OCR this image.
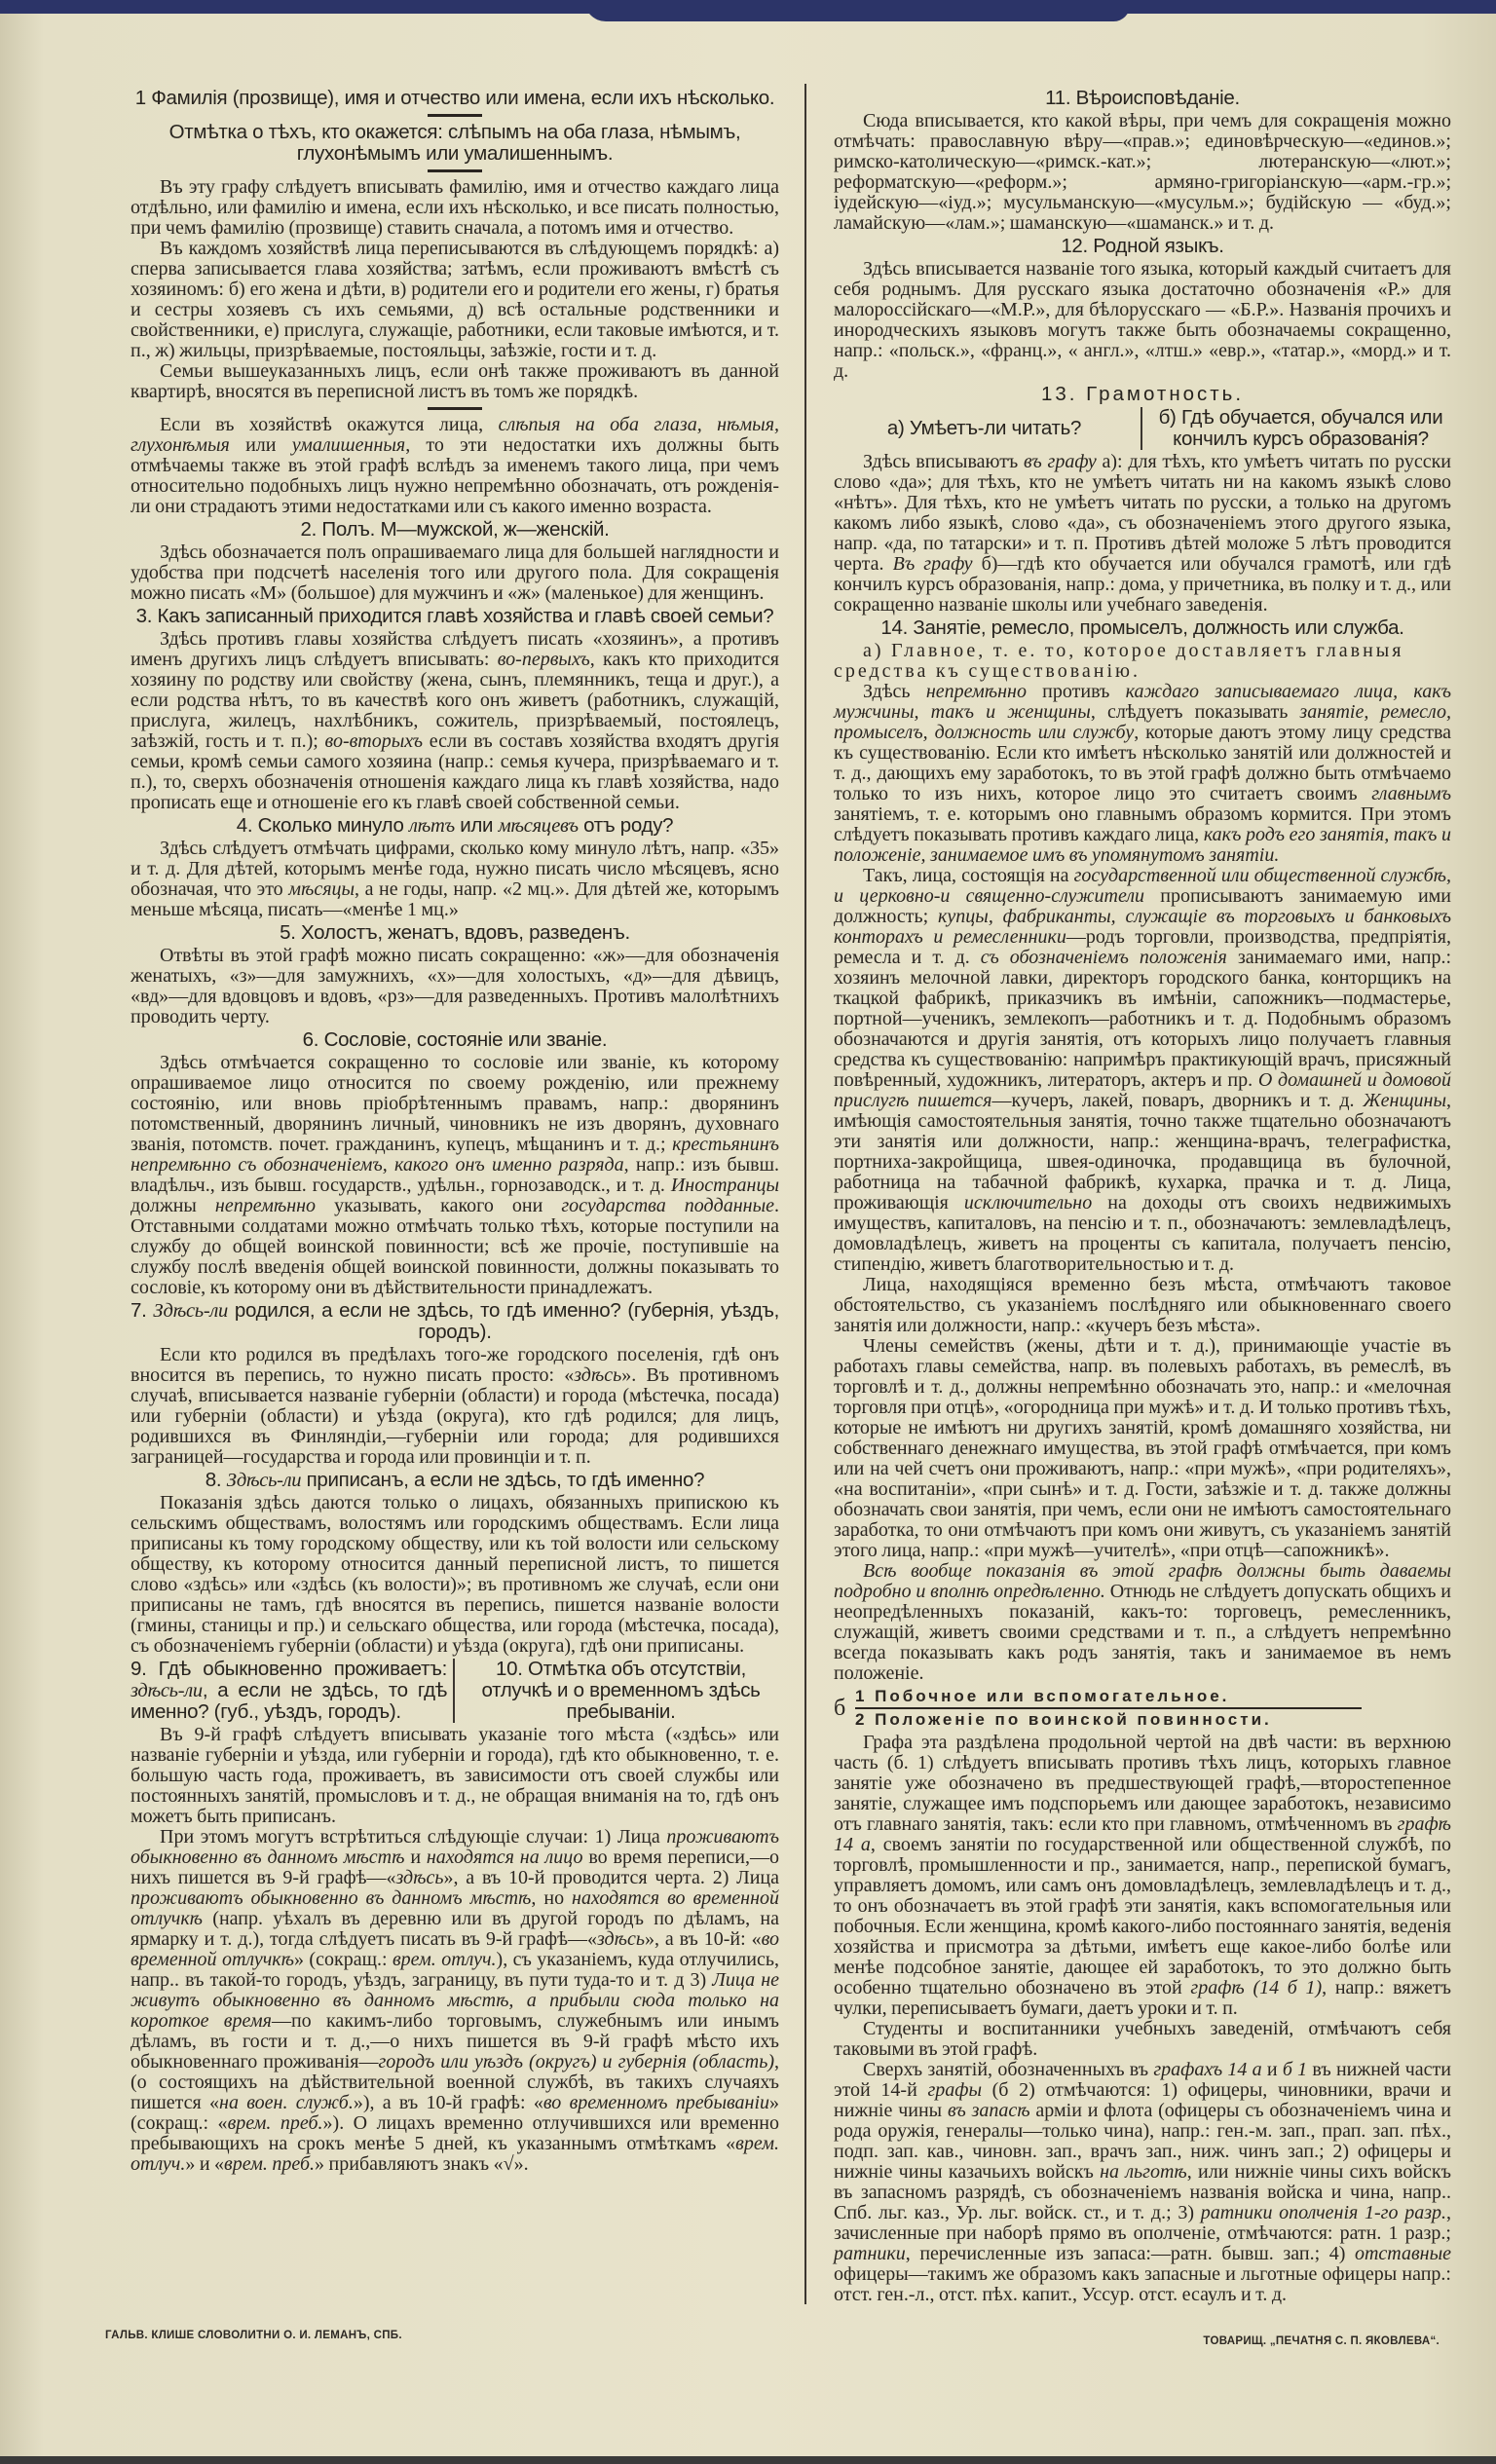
1 Фамилія (прозвище), имя и отчество или имена, если ихъ нѣсколько.
Отмѣтка о тѣхъ, кто окажется: слѣпымъ на оба глаза, нѣмымъ, глухонѣмымъ или умалишеннымъ.

Въ эту графу слѣдуетъ вписывать фамилію, имя и отчество каждаго лица отдѣльно, или фамилію и имена, если ихъ нѣсколько, и все писать полностью, при чемъ фамилію (прозвище) ставить сначала, а потомъ имя и отчество.

Въ каждомъ хозяйствѣ лица переписываются въ слѣдующемъ порядкѣ: а) сперва записывается глава хозяйства; затѣмъ, если проживаютъ вмѣстѣ съ хозяиномъ: б) его жена и дѣти, в) родители его и родители его жены, г) братья и сестры хозяевъ съ ихъ семьями, д) всѣ остальные родственники и свойственники, е) прислуга, служащіе, работники, если таковые имѣются, и т. п., ж) жильцы, призрѣваемые, постояльцы, заѣзжіе, гости и т. д.

Семьи вышеуказанныхъ лицъ, если онѣ также проживаютъ въ данной квартирѣ, вносятся въ переписной листъ въ томъ же порядкѣ.

Если въ хозяйствѣ окажутся лица, слѣпыя на оба глаза, нѣмыя, глухонѣмыя или умалишенныя, то эти недостатки ихъ должны быть отмѣчаемы также въ этой графѣ вслѣдъ за именемъ такого лица, при чемъ относительно подобныхъ лицъ нужно непремѣнно обозначать, отъ рожденія-ли они страдаютъ этими недостатками или съ какого именно возраста.

2. Полъ. М—мужской, ж—женскій.

Здѣсь обозначается полъ опрашиваемаго лица для большей наглядности и удобства при подсчетѣ населенія того или другого пола. Для сокращенія можно писать «М» (большое) для мужчинъ и «ж» (маленькое) для женщинъ.

3. Какъ записанный приходится главѣ хозяйства и главѣ своей семьи?

Здѣсь противъ главы хозяйства слѣдуетъ писать «хозяинъ», а противъ именъ другихъ лицъ слѣдуетъ вписывать: во-первыхъ, какъ кто приходится хозяину по родству или свойству (жена, сынъ, племянникъ, теща и друг.), а если родства нѣтъ, то въ качествѣ кого онъ живетъ (работникъ, служащій, прислуга, жилецъ, нахлѣбникъ, сожитель, призрѣваемый, постоялецъ, заѣзжій, гость и т. п.); во-вторыхъ если въ составъ хозяйства входятъ другія семьи, кромѣ семьи самого хозяина (напр.: семья кучера, призрѣваемаго и т. п.), то, сверхъ обозначенія отношенія каждаго лица къ главѣ хозяйства, надо прописать еще и отношеніе его къ главѣ своей собственной семьи.

4. Сколько минуло лѣтъ или мѣсяцевъ отъ роду?

Здѣсь слѣдуетъ отмѣчать цифрами, сколько кому минуло лѣтъ, напр. «35» и т. д. Для дѣтей, которымъ менѣе года, нужно писать число мѣсяцевъ, ясно обозначая, что это мѣсяцы, а не годы, напр. «2 мц.». Для дѣтей же, которымъ меньше мѣсяца, писать—«менѣе 1 мц.»

5. Холостъ, женатъ, вдовъ, разведенъ.

Отвѣты въ этой графѣ можно писать сокращенно: «ж»—для обозначенія женатыхъ, «з»—для замужнихъ, «х»—для холостыхъ, «д»—для дѣвицъ, «вд»—для вдовцовъ и вдовъ, «рз»—для разведенныхъ. Противъ малолѣтнихъ проводить черту.

6. Сословіе, состояніе или званіе.

Здѣсь отмѣчается сокращенно то сословіе или званіе, къ которому опрашиваемое лицо относится по своему рожденію, или прежнему состоянію, или вновь пріобрѣтеннымъ правамъ, напр.: дворянинъ потомственный, дворянинъ личный, чиновникъ не изъ дворянъ, духовнаго званія, потомств. почет. гражданинъ, купецъ, мѣщанинъ и т. д.; крестьянинъ непремѣнно съ обозначеніемъ, какого онъ именно разряда, напр.: изъ бывш. владѣльч., изъ бывш. государств., удѣльн., горнозаводск., и т. д. Иностранцы должны непремѣнно указывать, какого они государства подданные. Отставными солдатами можно отмѣчать только тѣхъ, которые поступили на службу до общей воинской повинности; всѣ же прочіе, поступившіе на службу послѣ введенія общей воинской повинности, должны показывать то сословіе, къ которому они въ дѣйствительности принадлежатъ.

7. Здѣсь-ли родился, а если не здѣсь, то гдѣ именно? (губернія, уѣздъ, городъ).

Если кто родился въ предѣлахъ того-же городского поселенія, гдѣ онъ вносится въ перепись, то нужно писать просто: «здѣсь». Въ противномъ случаѣ, вписывается названіе губерніи (области) и города (мѣстечка, посада) или губерніи (области) и уѣзда (округа), кто гдѣ родился; для лицъ, родившихся въ Финляндіи,—губерніи или города; для родившихся заграницей—государства и города или провинціи и т. п.

8. Здѣсь-ли приписанъ, а если не здѣсь, то гдѣ именно?

Показанія здѣсь даются только о лицахъ, обязанныхъ припискою къ сельскимъ обществамъ, волостямъ или городскимъ обществамъ. Если лица приписаны къ тому городскому обществу, или къ той волости или сельскому обществу, къ которому относится данный переписной листъ, то пишется слово «здѣсь» или «здѣсь (къ волости)»; въ противномъ же случаѣ, если они приписаны не тамъ, гдѣ вносятся въ перепись, пишется названіе волости (гмины, станицы и пр.) и сельскаго общества, или города (мѣстечка, посада), съ обозначеніемъ губерніи (области) и уѣзда (округа), гдѣ они приписаны.

9. Гдѣ обыкновенно проживаетъ: здѣсь-ли, а если не здѣсь, то гдѣ именно? (губ., уѣздъ, городъ).
10. Отмѣтка объ отсутствіи, отлучкѣ и о временномъ здѣсь пребываніи.

Въ 9-й графѣ слѣдуетъ вписывать указаніе того мѣста («здѣсь» или названіе губерніи и уѣзда, или губерніи и города), гдѣ кто обыкновенно, т. е. большую часть года, проживаетъ, въ зависимости отъ своей службы или постоянныхъ занятій, промысловъ и т. д., не обращая вниманія на то, гдѣ онъ можетъ быть приписанъ.

При этомъ могутъ встрѣтиться слѣдующіе случаи: 1) Лица проживаютъ обыкновенно въ данномъ мѣстѣ и находятся на лицо во время переписи,—о нихъ пишется въ 9-й графѣ—«здѣсь», а въ 10-й проводится черта. 2) Лица проживаютъ обыкновенно въ данномъ мѣстѣ, но находятся во временной отлучкѣ (напр. уѣхалъ въ деревню или въ другой городъ по дѣламъ, на ярмарку и т. д.), тогда слѣдуетъ писать въ 9-й графѣ—«здѣсь», а въ 10-й: «во временной отлучкѣ» (сокращ.: врем. отлуч.), съ указаніемъ, куда отлучились, напр.. въ такой-то городъ, уѣздъ, заграницу, въ пути туда-то и т. д 3) Лица не живутъ обыкновенно въ данномъ мѣстѣ, а прибыли сюда только на короткое время—по какимъ-либо торговымъ, служебнымъ или инымъ дѣламъ, въ гости и т. д.,—о нихъ пишется въ 9-й графѣ мѣсто ихъ обыкновеннаго проживанія—городъ или уѣздъ (округъ) и губернія (область), (о состоящихъ на дѣйствительной военной службѣ, въ такихъ случаяхъ пишется «на воен. служб.»), а въ 10-й графѣ: «во временномъ пребываніи» (сокращ.: «врем. преб.»). О лицахъ временно отлучившихся или временно пребывающихъ на срокъ менѣе 5 дней, къ указаннымъ отмѣткамъ «врем. отлуч.» и «врем. преб.» прибавляютъ знакъ «√».

11. Вѣроисповѣданіе.

Сюда вписывается, кто какой вѣры, при чемъ для сокращенія можно отмѣчать: православную вѣру—«прав.»; единовѣрческую—«единов.»; римско-католическую—«римск.-кат.»; лютеранскую—«лют.»; реформатскую—«реформ.»; армяно-григоріанскую—«арм.-гр.»; іудейскую—«іуд.»; мусульманскую—«мусульм.»; будійскую — «буд.»; ламайскую—«лам.»; шаманскую—«шаманск.» и т. д.

12. Родной языкъ.

Здѣсь вписывается названіе того языка, который каждый считаетъ для себя роднымъ. Для русскаго языка достаточно обозначенія «Р.» для малороссійскаго—«М.Р.», для бѣлорусскаго — «Б.Р.». Названія прочихъ и инородческихъ языковъ могутъ также быть обозначаемы сокращенно, напр.: «польск.», «франц.», « англ.», «лтш.» «евр.», «татар.», «морд.» и т. д.

13. Грамотность.
а) Умѣетъ-ли читать?	б) Гдѣ обучается, обучался или кончилъ курсъ образованія?

Здѣсь вписываютъ въ графу а): для тѣхъ, кто умѣетъ читать по русски слово «да»; для тѣхъ, кто не умѣетъ читать ни на какомъ языкѣ слово «нѣтъ». Для тѣхъ, кто не умѣетъ читать по русски, а только на другомъ какомъ либо языкѣ, слово «да», съ обозначеніемъ этого другого языка, напр. «да, по татарски» и т. п. Противъ дѣтей моложе 5 лѣтъ проводится черта. Въ графу б)—гдѣ кто обучается или обучался грамотѣ, или гдѣ кончилъ курсъ образованія, напр.: дома, у причетника, въ полку и т. д., или сокращенно названіе школы или учебнаго заведенія.

14. Занятіе, ремесло, промыселъ, должность или служба.

а) Главное, т. е. то, которое доставляетъ главныя средства къ существованію.

Здѣсь непремѣнно противъ каждаго записываемаго лица, какъ мужчины, такъ и женщины, слѣдуетъ показывать занятіе, ремесло, промыселъ, должность или службу, которые даютъ этому лицу средства къ существованію. Если кто имѣетъ нѣсколько занятій или должностей и т. д., дающихъ ему заработокъ, то въ этой графѣ должно быть отмѣчаемо только то изъ нихъ, которое лицо это считаетъ своимъ главнымъ занятіемъ, т. е. которымъ оно главнымъ образомъ кормится. При этомъ слѣдуетъ показывать противъ каждаго лица, какъ родъ его занятія, такъ и положеніе, занимаемое имъ въ упомянутомъ занятіи.

Такъ, лица, состоящія на государственной или общественной службѣ, и церковно-и священно-служители прописываютъ занимаемую ими должность; купцы, фабриканты, служащіе въ торговыхъ и банковыхъ конторахъ и ремесленники—родъ торговли, производства, предпріятія, ремесла и т. д. съ обозначеніемъ положенія занимаемаго ими, напр.: хозяинъ мелочной лавки, директоръ городского банка, конторщикъ на ткацкой фабрикѣ, приказчикъ въ имѣніи, сапожникъ—подмастерье, портной—ученикъ, землекопъ—работникъ и т. д. Подобнымъ образомъ обозначаются и другія занятія, отъ которыхъ лицо получаетъ главныя средства къ существованію: напримѣръ практикующій врачъ, присяжный повѣренный, художникъ, литераторъ, актеръ и пр. О домашней и домовой прислугѣ пишется—кучеръ, лакей, поваръ, дворникъ и т. д. Женщины, имѣющія самостоятельныя занятія, точно также тщательно обозначаютъ эти занятія или должности, напр.: женщина-врачъ, телеграфистка, портниха-закройщица, швея-одиночка, продавщица въ булочной, работница на табачной фабрикѣ, кухарка, прачка и т. д. Лица, проживающія исключительно на доходы отъ своихъ недвижимыхъ имуществъ, капиталовъ, на пенсію и т. п., обозначаютъ: землевладѣлецъ, домовладѣлецъ, живетъ на проценты съ капитала, получаетъ пенсію, стипендію, живетъ благотворительностью и т. д.

Лица, находящіяся временно безъ мѣста, отмѣчаютъ таковое обстоятельство, съ указаніемъ послѣдняго или обыкновеннаго своего занятія или должности, напр.: «кучеръ безъ мѣста».

Члены семействъ (жены, дѣти и т. д.), принимающіе участіе въ работахъ главы семейства, напр. въ полевыхъ работахъ, въ ремеслѣ, въ торговлѣ и т. д., должны непремѣнно обозначать это, напр.: и «мелочная торговля при отцѣ», «огородница при мужѣ» и т. д. И только противъ тѣхъ, которые не имѣютъ ни другихъ занятій, кромѣ домашняго хозяйства, ни собственнаго денежнаго имущества, въ этой графѣ отмѣчается, при комъ или на чей счетъ они проживаютъ, напр.: «при мужѣ», «при родителяхъ», «на воспитаніи», «при сынѣ» и т. д. Гости, заѣзжіе и т. д. также должны обозначать свои занятія, при чемъ, если они не имѣютъ самостоятельнаго заработка, то они отмѣчаютъ при комъ они живутъ, съ указаніемъ занятій этого лица, напр.: «при мужѣ—учителѣ», «при отцѣ—сапожникѣ».

Всѣ вообще показанія въ этой графѣ должны быть даваемы подробно и вполнѣ опредѣленно. Отнюдь не слѣдуетъ допускать общихъ и неопредѣленныхъ показаній, какъ-то: торговецъ, ремесленникъ, служащій, живетъ своими средствами и т. п., а слѣдуетъ непремѣнно всегда показывать какъ родъ занятія, такъ и занимаемое въ немъ положеніе.

б 1 Побочное или вспомогательное.
2 Положеніе по воинской повинности.

Графа эта раздѣлена продольной чертой на двѣ части: въ верхнюю часть (б. 1) слѣдуетъ вписывать противъ тѣхъ лицъ, которыхъ главное занятіе уже обозначено въ предшествующей графѣ,—второстепенное занятіе, служащее имъ подспорьемъ или дающее заработокъ, независимо отъ главнаго занятія, такъ: если кто при главномъ, отмѣченномъ въ графѣ 14 а, своемъ занятіи по государственной или общественной службѣ, по торговлѣ, промышленности и пр., занимается, напр., перепиской бумагъ, управляетъ домомъ, или самъ онъ домовладѣлецъ, землевладѣлецъ и т. д., то онъ обозначаетъ въ этой графѣ эти занятія, какъ вспомогательныя или побочныя. Если женщина, кромѣ какого-либо постояннаго занятія, веденія хозяйства и присмотра за дѣтьми, имѣетъ еще какое-либо болѣе или менѣе подсобное занятіе, дающее ей заработокъ, то это должно быть особенно тщательно обозначено въ этой графѣ (14 б 1), напр.: вяжетъ чулки, переписываетъ бумаги, даетъ уроки и т. п.

Студенты и воспитанники учебныхъ заведеній, отмѣчаютъ себя таковыми въ этой графѣ.

Сверхъ занятій, обозначенныхъ въ графахъ 14 а и б 1 въ нижней части этой 14-й графы (б 2) отмѣчаются: 1) офицеры, чиновники, врачи и нижніе чины въ запасѣ арміи и флота (офицеры съ обозначеніемъ чина и рода оружія, генералы—только чина), напр.: ген.-м. зап., прап. зап. пѣх., подп. зап. кав., чиновн. зап., врачъ зап., ниж. чинъ зап.; 2) офицеры и нижніе чины казачьихъ войскъ на льготѣ, или нижніе чины сихъ войскъ въ запасномъ разрядѣ, съ обозначеніемъ названія войска и чина, напр.. Спб. льг. каз., Ур. льг. войск. ст., и т. д.; 3) ратники ополченія 1-го разр., зачисленные при наборѣ прямо въ ополченіе, отмѣчаются: ратн. 1 разр.; ратники, перечисленные изъ запаса:—ратн. бывш. зап.; 4) отставные офицеры—такимъ же образомъ какъ запасные и льготные офицеры напр.: отст. ген.-л., отст. пѣх. капит., Уссур. отст. есаулъ и т. д.

ГАЛЬВ. КЛИШЕ СЛОВОЛИТНИ О. И. ЛЕМАНЪ, СПБ.	ТОВАРИЩ. „ПЕЧАТНЯ С. П. ЯКОВЛЕВА“.
